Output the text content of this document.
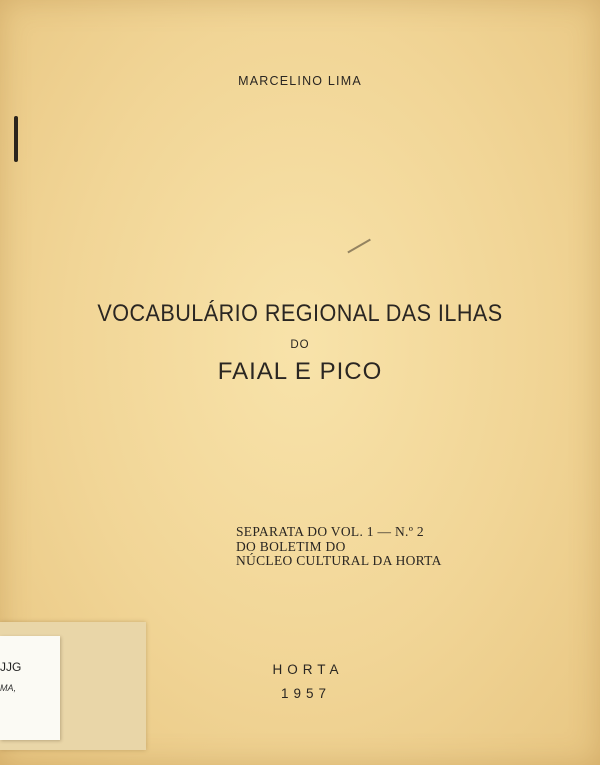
MARCELINO LIMA
VOCABULÁRIO REGIONAL DAS ILHAS
DO
FAIAL E PICO
SEPARATA DO VOL. 1 — N.º 2
DO BOLETIM DO
NÚCLEO CULTURAL DA HORTA
HORTA
1957
JJG
MA,
